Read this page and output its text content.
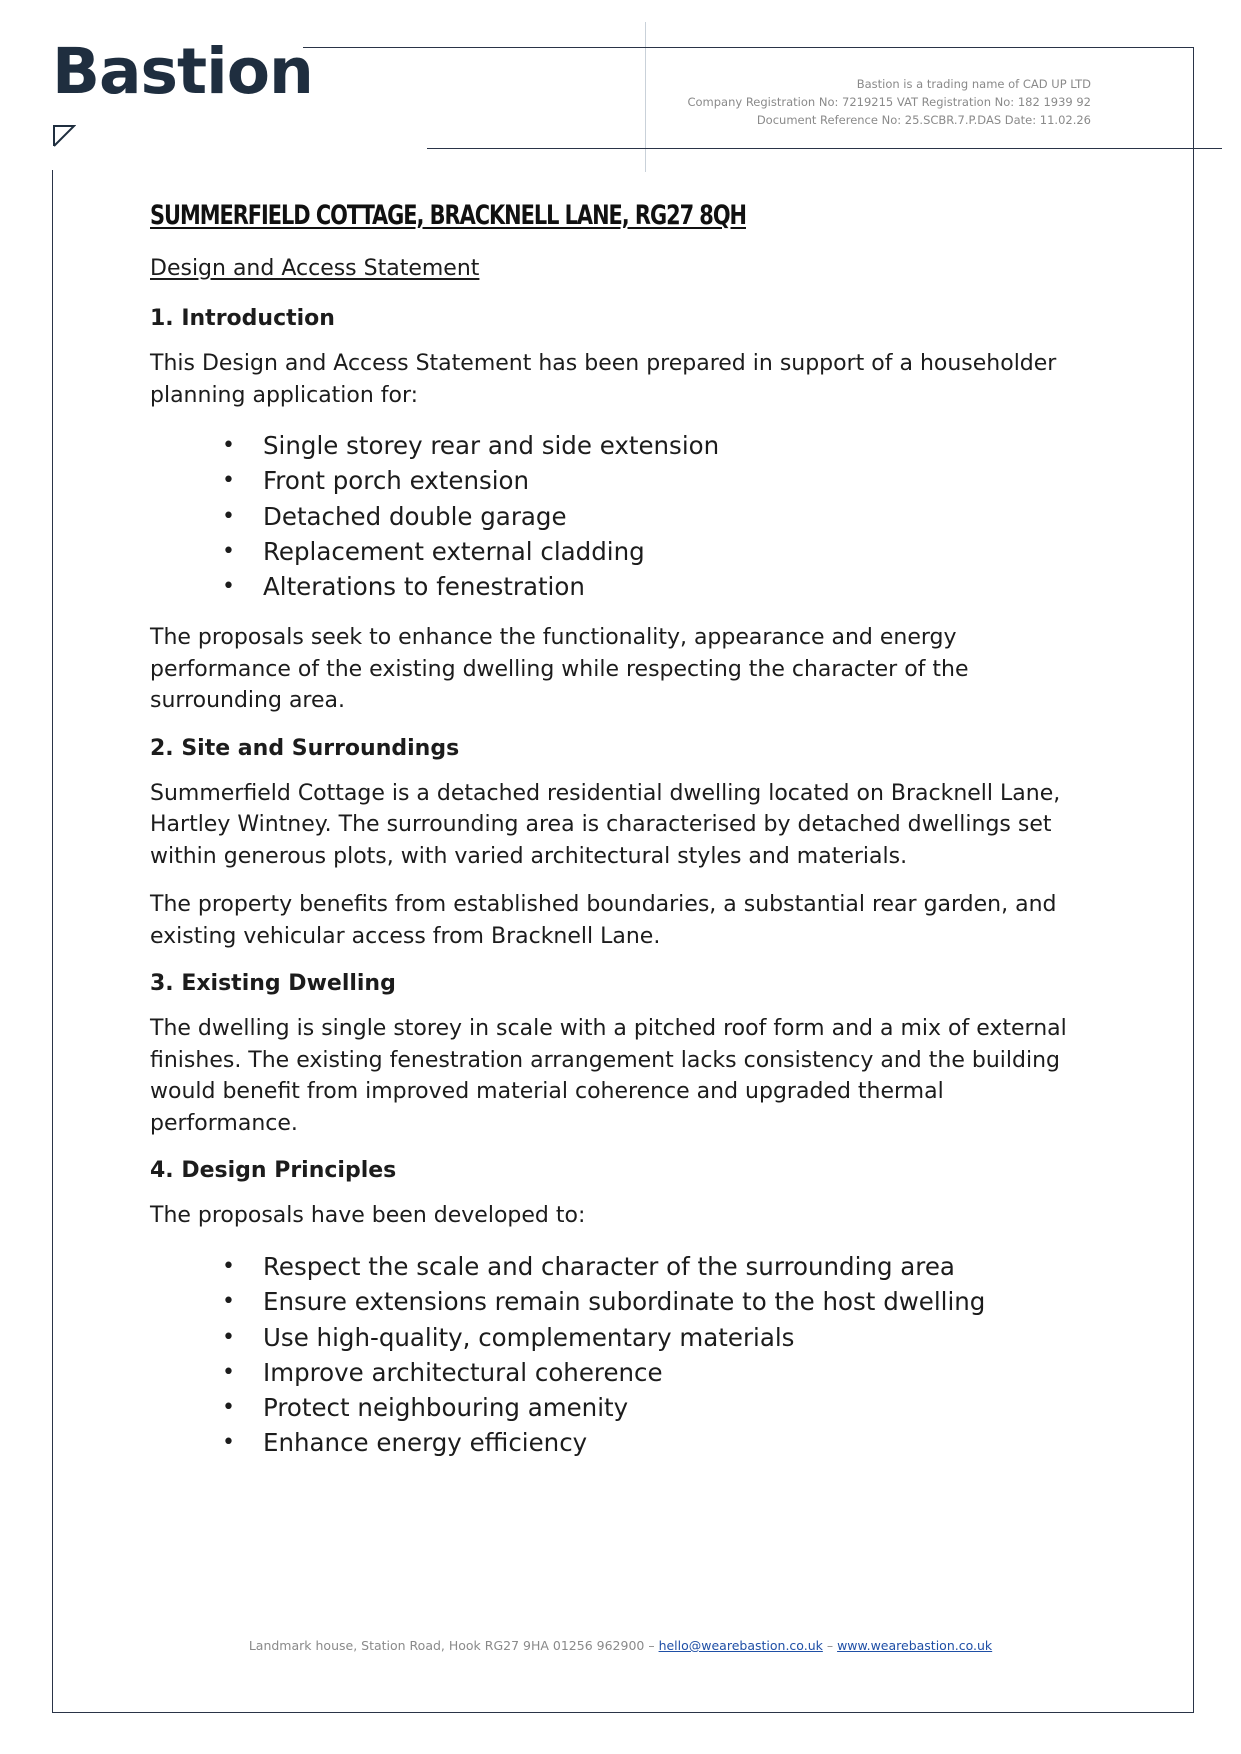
Bastion	Bastion is a trading name of CAD UP LTD
Company Registration No: 7219215 VAT Registration No: 182 1939 92
Document Reference No: 25.SCBR.7.P.DAS Date: 11.02.26
SUMMERFIELD COTTAGE, BRACKNELL LANE, RG27 8QH
Design and Access Statement
1. Introduction

This Design and Access Statement has been prepared in support of a householder planning application for:

• Single storey rear and side extension
• Front porch extension
• Detached double garage
• Replacement external cladding
• Alterations to fenestration

The proposals seek to enhance the functionality, appearance and energy performance of the existing dwelling while respecting the character of the surrounding area.

2. Site and Surroundings

Summerfield Cottage is a detached residential dwelling located on Bracknell Lane, Hartley Wintney. The surrounding area is characterised by detached dwellings set within generous plots, with varied architectural styles and materials.

The property benefits from established boundaries, a substantial rear garden, and existing vehicular access from Bracknell Lane.

3. Existing Dwelling

The dwelling is single storey in scale with a pitched roof form and a mix of external finishes. The existing fenestration arrangement lacks consistency and the building would benefit from improved material coherence and upgraded thermal performance.

4. Design Principles

The proposals have been developed to:

• Respect the scale and character of the surrounding area
• Ensure extensions remain subordinate to the host dwelling
• Use high-quality, complementary materials
• Improve architectural coherence
• Protect neighbouring amenity
• Enhance energy efficiency
Landmark house, Station Road, Hook RG27 9HA 01256 962900 – hello@wearebastion.co.uk – www.wearebastion.co.uk
